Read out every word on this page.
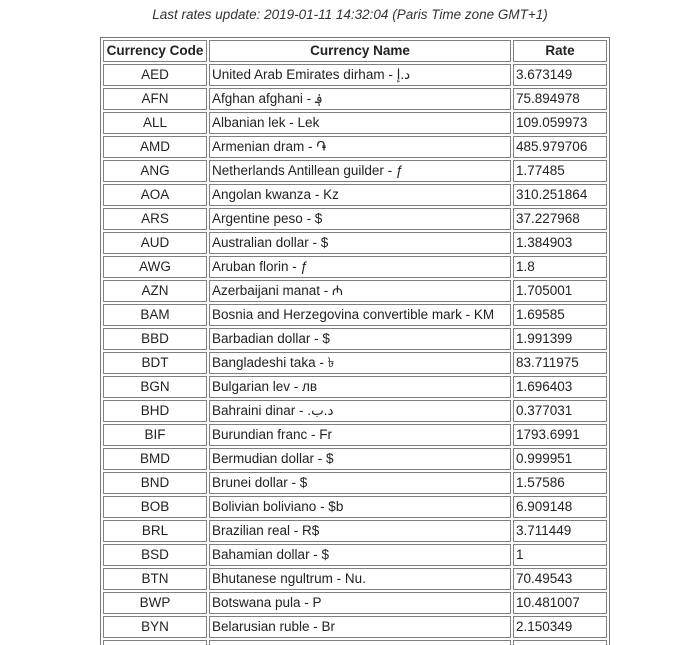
Last rates update: 2019-01-11 14:32:04 (Paris Time zone GMT+1)
Currency Code	Currency Name	Rate
AED	United Arab Emirates dirham - د.إ	3.673149
AFN	Afghan afghani - ؋	75.894978
ALL	Albanian lek - Lek	109.059973
AMD	Armenian dram - ֏	485.979706
ANG	Netherlands Antillean guilder - ƒ	1.77485
AOA	Angolan kwanza - Kz	310.251864
ARS	Argentine peso - $	37.227968
AUD	Australian dollar - $	1.384903
AWG	Aruban florin - ƒ	1.8
AZN	Azerbaijani manat - ₼	1.705001
BAM	Bosnia and Herzegovina convertible mark - KM	1.69585
BBD	Barbadian dollar - $	1.991399
BDT	Bangladeshi taka - ৳	83.711975
BGN	Bulgarian lev - лв	1.696403
BHD	Bahraini dinar - .د.ب	0.377031
BIF	Burundian franc - Fr	1793.6991
BMD	Bermudian dollar - $	0.999951
BND	Brunei dollar - $	1.57586
BOB	Bolivian boliviano - $b	6.909148
BRL	Brazilian real - R$	3.711449
BSD	Bahamian dollar - $	1
BTN	Bhutanese ngultrum - Nu.	70.49543
BWP	Botswana pula - P	10.481007
BYN	Belarusian ruble - Br	2.150349
